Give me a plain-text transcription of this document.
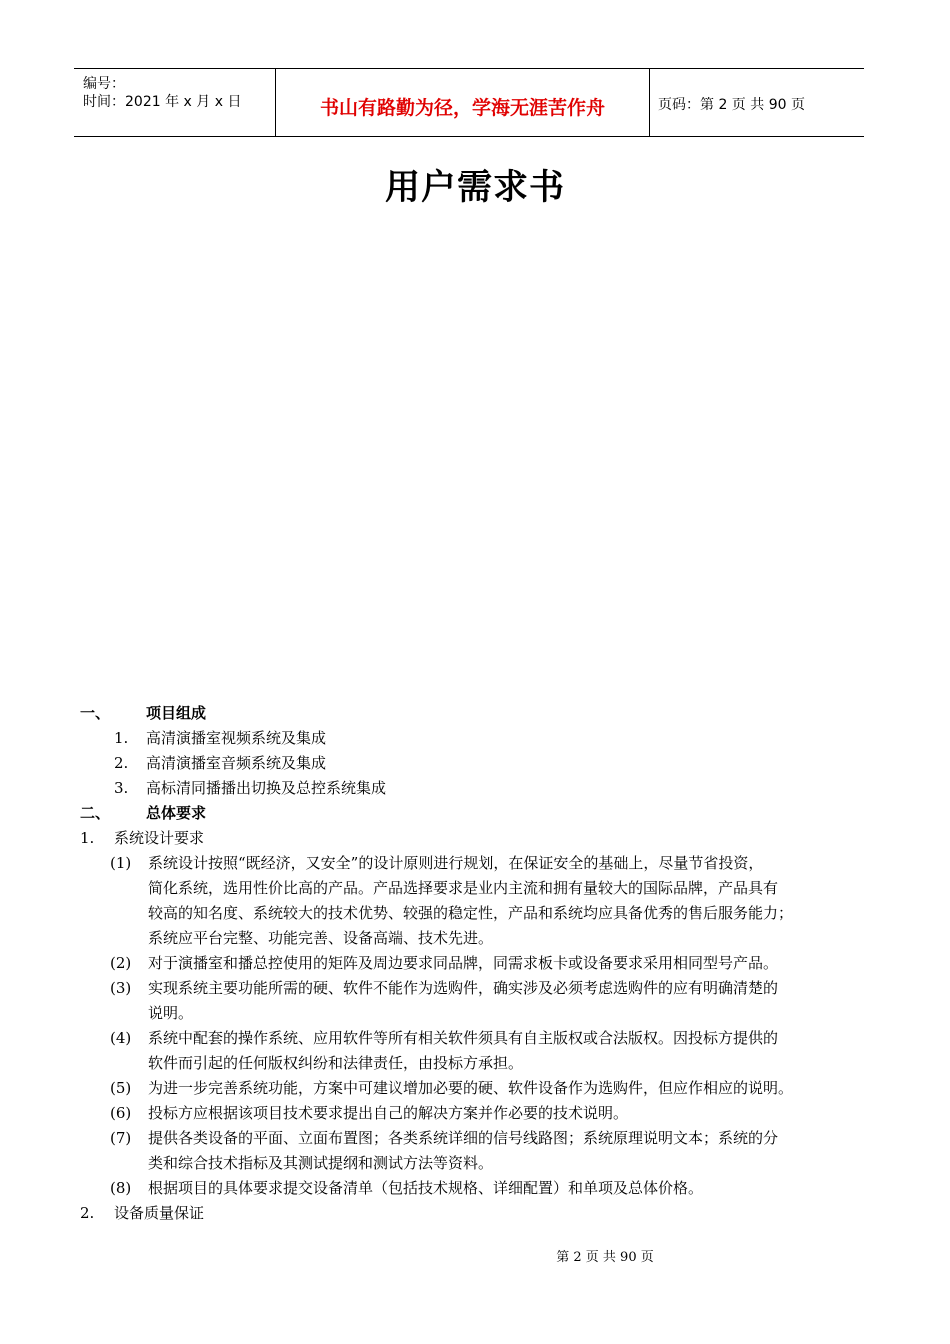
编号：
时间：2021 年 x 月 x 日	书山有路勤为径，学海无涯苦作舟	页码：第 2 页 共 90 页
用户需求书
一、 项目组成
1. 高清演播室视频系统及集成
2. 高清演播室音频系统及集成
3. 高标清同播播出切换及总控系统集成
二、 总体要求
1. 系统设计要求
(1) 系统设计按照“既经济，又安全”的设计原则进行规划，在保证安全的基础上，尽量节省投资，
简化系统，选用性价比高的产品。产品选择要求是业内主流和拥有量较大的国际品牌，产品具有
较高的知名度、系统较大的技术优势、较强的稳定性，产品和系统均应具备优秀的售后服务能力；
系统应平台完整、功能完善、设备高端、技术先进。
(2) 对于演播室和播总控使用的矩阵及周边要求同品牌，同需求板卡或设备要求采用相同型号产品。
(3) 实现系统主要功能所需的硬、软件不能作为选购件，确实涉及必须考虑选购件的应有明确清楚的
说明。
(4) 系统中配套的操作系统、应用软件等所有相关软件须具有自主版权或合法版权。因投标方提供的
软件而引起的任何版权纠纷和法律责任，由投标方承担。
(5) 为进一步完善系统功能，方案中可建议增加必要的硬、软件设备作为选购件，但应作相应的说明。
(6) 投标方应根据该项目技术要求提出自己的解决方案并作必要的技术说明。
(7) 提供各类设备的平面、立面布置图；各类系统详细的信号线路图；系统原理说明文本；系统的分
类和综合技术指标及其测试提纲和测试方法等资料。
(8) 根据项目的具体要求提交设备清单（包括技术规格、详细配置）和单项及总体价格。
2. 设备质量保证
第 2 页 共 90 页
